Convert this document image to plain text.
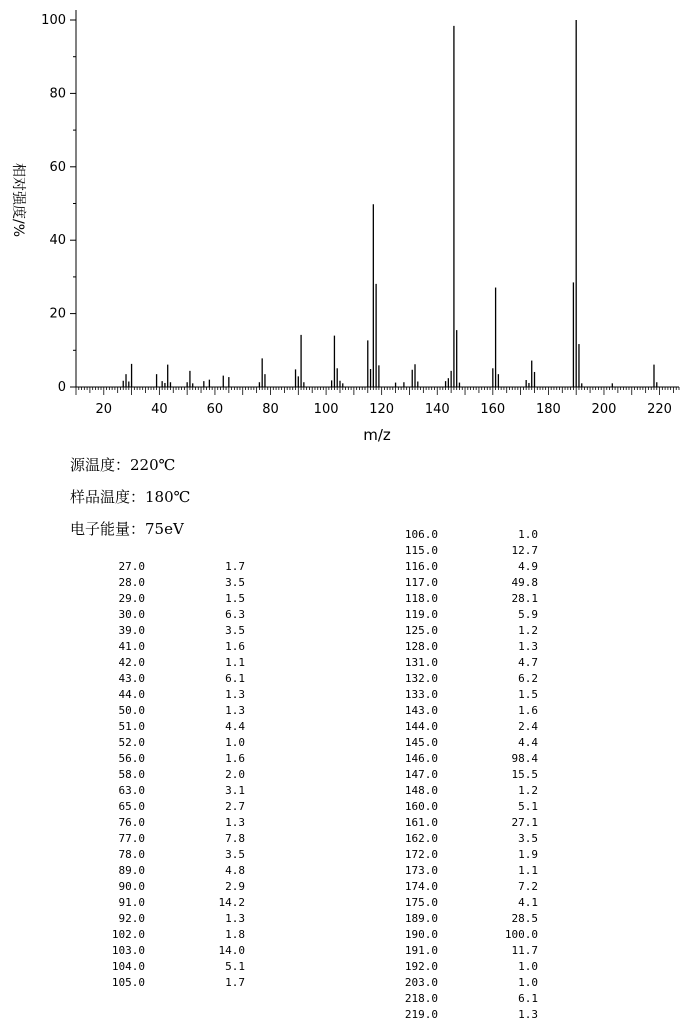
0
20
40
60
80
100
20	40	60	80	100 120 140 160 180 200 220
相对强度/%
m/z
源温度：220℃
样品温度：180℃
电子能量：75eV
27.0	1.7
28.0	3.5
29.0	1.5
30.0	6.3
39.0	3.5
41.0	1.6
42.0	1.1
43.0	6.1
44.0	1.3
50.0	1.3
51.0	4.4
52.0	1.0
56.0	1.6
58.0	2.0
63.0	3.1
65.0	2.7
76.0	1.3
77.0	7.8
78.0	3.5
89.0	4.8
90.0	2.9
91.0	14.2
92.0	1.3
102.0	1.8
103.0	14.0
104.0	5.1
105.0	1.7
106.0	1.0
115.0	12.7
116.0	4.9
117.0	49.8
118.0	28.1
119.0	5.9
125.0	1.2
128.0	1.3
131.0	4.7
132.0	6.2
133.0	1.5
143.0	1.6
144.0	2.4
145.0	4.4
146.0	98.4
147.0	15.5
148.0	1.2
160.0	5.1
161.0	27.1
162.0	3.5
172.0	1.9
173.0	1.1
174.0	7.2
175.0	4.1
189.0	28.5
190.0	100.0
191.0	11.7
192.0	1.0
203.0	1.0
218.0	6.1
219.0	1.3
